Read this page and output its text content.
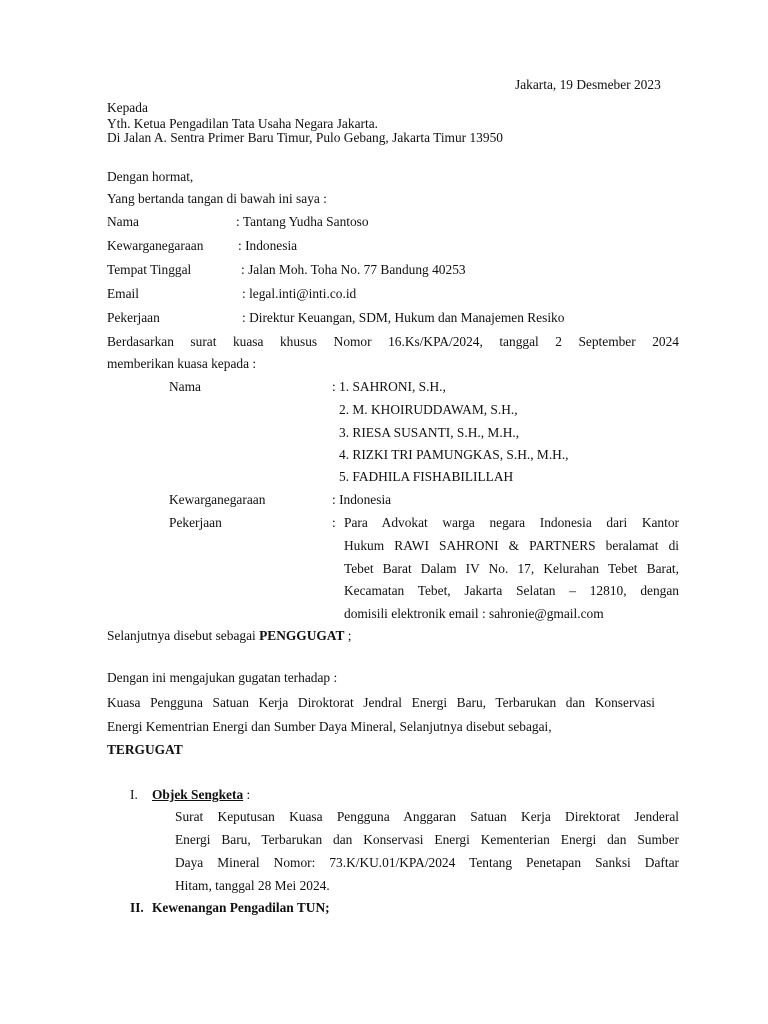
Jakarta, 19 Desmeber 2023
Kepada
Yth. Ketua Pengadilan Tata Usaha Negara Jakarta.
Di Jalan A. Sentra Primer Baru Timur, Pulo Gebang, Jakarta Timur 13950
Dengan hormat,
Yang bertanda tangan di bawah ini saya :
Nama	: Tantang Yudha Santoso
Kewarganegaraan	: Indonesia
Tempat Tinggal	: Jalan Moh. Toha No. 77 Bandung 40253
Email	: legal.inti@inti.co.id
Pekerjaan	: Direktur Keuangan, SDM, Hukum dan Manajemen Resiko
Berdasarkan surat kuasa khusus Nomor 16.Ks/KPA/2024, tanggal 2 September 2024
memberikan kuasa kepada :
Nama	: 1. SAHRONI, S.H.,
2. M. KHOIRUDDAWAM, S.H.,
3. RIESA SUSANTI, S.H., M.H.,
4. RIZKI TRI PAMUNGKAS, S.H., M.H.,
5. FADHILA FISHABILILLAH
Kewarganegaraan	: Indonesia
Pekerjaan	: Para Advokat warga negara Indonesia dari Kantor
Hukum RAWI SAHRONI & PARTNERS beralamat di
Tebet Barat Dalam IV No. 17, Kelurahan Tebet Barat,
Kecamatan Tebet, Jakarta Selatan – 12810, dengan
domisili elektronik email : sahronie@gmail.com
Selanjutnya disebut sebagai PENGGUGAT ;
Dengan ini mengajukan gugatan terhadap :
Kuasa Pengguna Satuan Kerja Diroktorat Jendral Energi Baru, Terbarukan dan Konservasi
Energi Kementrian Energi dan Sumber Daya Mineral, Selanjutnya disebut sebagai,
TERGUGAT
I. Objek Sengketa :
Surat Keputusan Kuasa Pengguna Anggaran Satuan Kerja Direktorat Jenderal
Energi Baru, Terbarukan dan Konservasi Energi Kementerian Energi dan Sumber
Daya Mineral Nomor: 73.K/KU.01/KPA/2024 Tentang Penetapan Sanksi Daftar
Hitam, tanggal 28 Mei 2024.
II. Kewenangan Pengadilan TUN;
